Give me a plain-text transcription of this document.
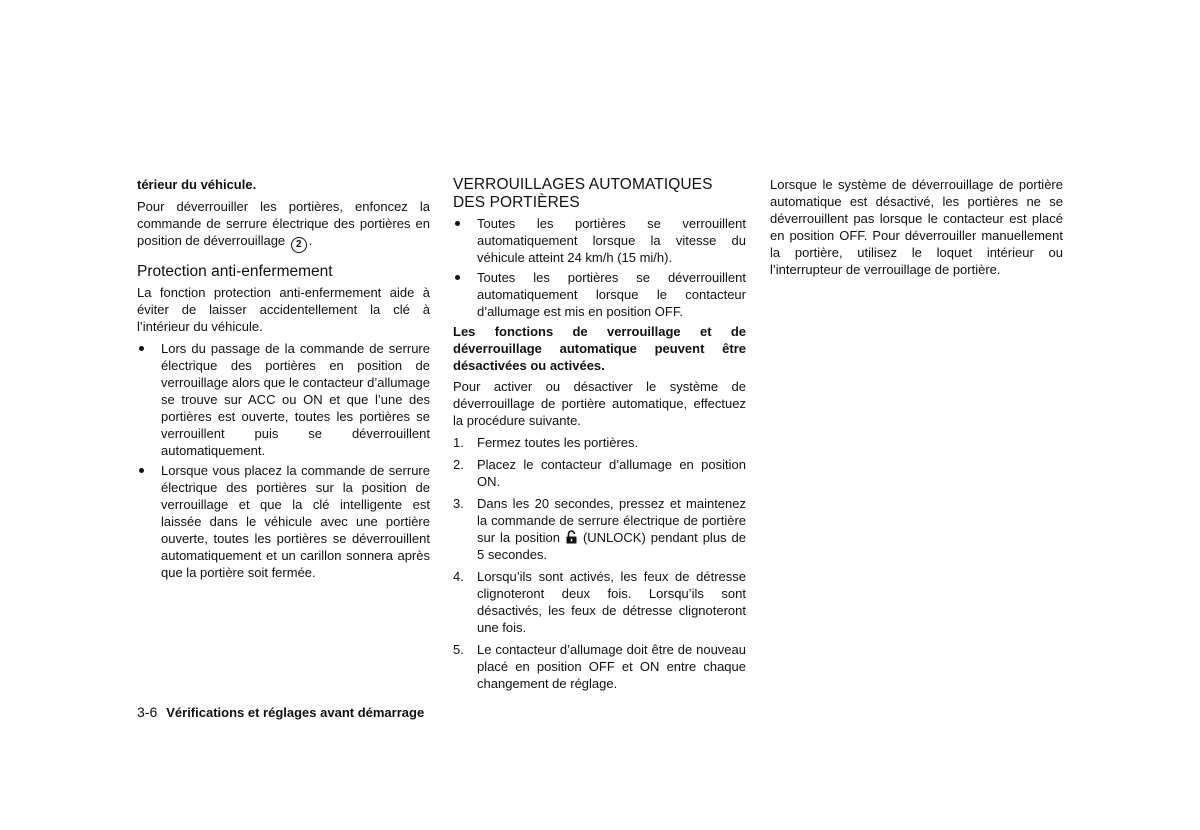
térieur du véhicule.

Pour déverrouiller les portières, enfoncez la commande de serrure électrique des portières en position de déverrouillage 2 .

Protection anti-enfermement

La fonction protection anti-enfermement aide à éviter de laisser accidentellement la clé à l’intérieur du véhicule.

Lors du passage de la commande de serrure électrique des portières en position de verrouillage alors que le contacteur d’allumage se trouve sur ACC ou ON et que l’une des portières est ouverte, toutes les portières se verrouillent puis se déverrouillent automatiquement.
Lorsque vous placez la commande de serrure électrique des portières sur la position de verrouillage et que la clé intelligente est laissée dans le véhicule avec une portière ouverte, toutes les portières se déverrouillent automatiquement et un carillon sonnera après que la portière soit fermée.
VERROUILLAGES AUTOMATIQUES DES PORTIÈRES
Toutes les portières se verrouillent automatiquement lorsque la vitesse du véhicule atteint 24 km/h (15 mi/h).
Toutes les portières se déverrouillent automatiquement lorsque le contacteur d’allumage est mis en position OFF.

Les fonctions de verrouillage et de déverrouillage automatique peuvent être désactivées ou activées.

Pour activer ou désactiver le système de déverrouillage de portière automatique, effectuez la procédure suivante.

1. Fermez toutes les portières.
2. Placez le contacteur d’allumage en position ON.
3. Dans les 20 secondes, pressez et maintenez la commande de serrure électrique de portière sur la position (UNLOCK) pendant plus de 5 secondes.
4. Lorsqu’ils sont activés, les feux de détresse clignoteront deux fois. Lorsqu’ils sont désactivés, les feux de détresse clignoteront une fois.
5. Le contacteur d’allumage doit être de nouveau placé en position OFF et ON entre chaque changement de réglage.

Lorsque le système de déverrouillage de portière automatique est désactivé, les portières ne se déverrouillent pas lorsque le contacteur est placé en position OFF. Pour déverrouiller manuellement la portière, utilisez le loquet intérieur ou l’interrupteur de verrouillage de portière.

3-6 Vérifications et réglages avant démarrage
